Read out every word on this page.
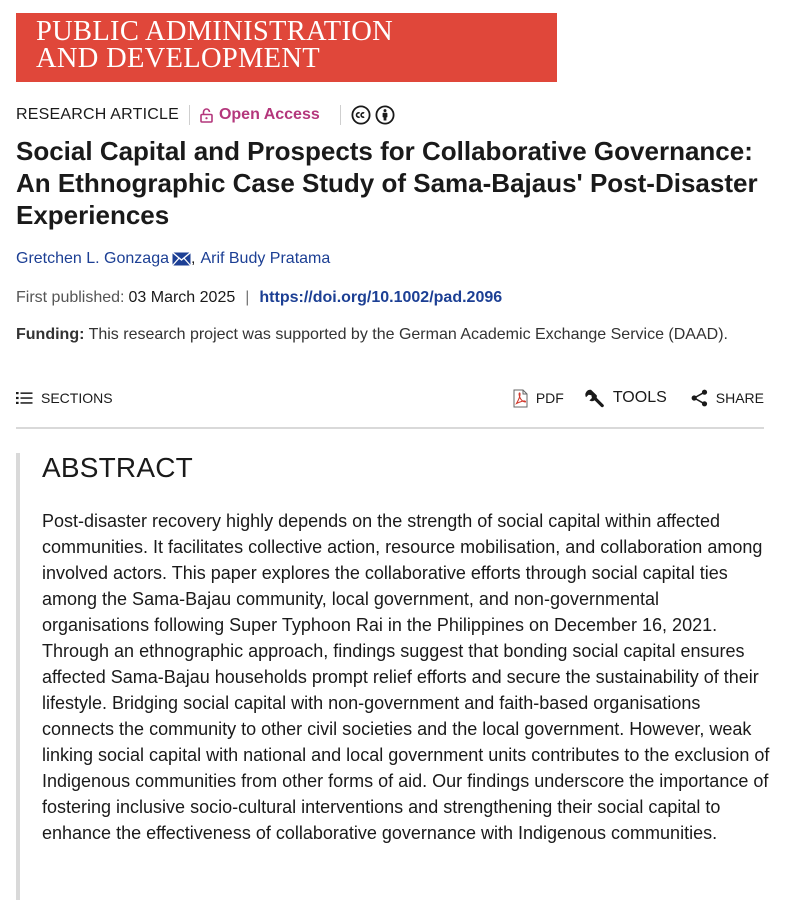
PUBLIC ADMINISTRATION
AND DEVELOPMENT
RESEARCH ARTICLE	Open Access
Social Capital and Prospects for Collaborative Governance: An Ethnographic Case Study of Sama-Bajaus' Post-Disaster Experiences
Gretchen L. Gonzaga , Arif Budy Pratama
First published: 03 March 2025 | https://doi.org/10.1002/pad.2096
Funding: This research project was supported by the German Academic Exchange Service (DAAD).
SECTIONS	PDF	TOOLS	SHARE
ABSTRACT

Post-disaster recovery highly depends on the strength of social capital within affected communities. It facilitates collective action, resource mobilisation, and collaboration among involved actors. This paper explores the collaborative efforts through social capital ties among the Sama-Bajau community, local government, and non-governmental organisations following Super Typhoon Rai in the Philippines on December 16, 2021. Through an ethnographic approach, findings suggest that bonding social capital ensures affected Sama-Bajau households prompt relief efforts and secure the sustainability of their lifestyle. Bridging social capital with non-government and faith-based organisations connects the community to other civil societies and the local government. However, weak linking social capital with national and local government units contributes to the exclusion of Indigenous communities from other forms of aid. Our findings underscore the importance of fostering inclusive socio-cultural interventions and strengthening their social capital to enhance the effectiveness of collaborative governance with Indigenous communities.
